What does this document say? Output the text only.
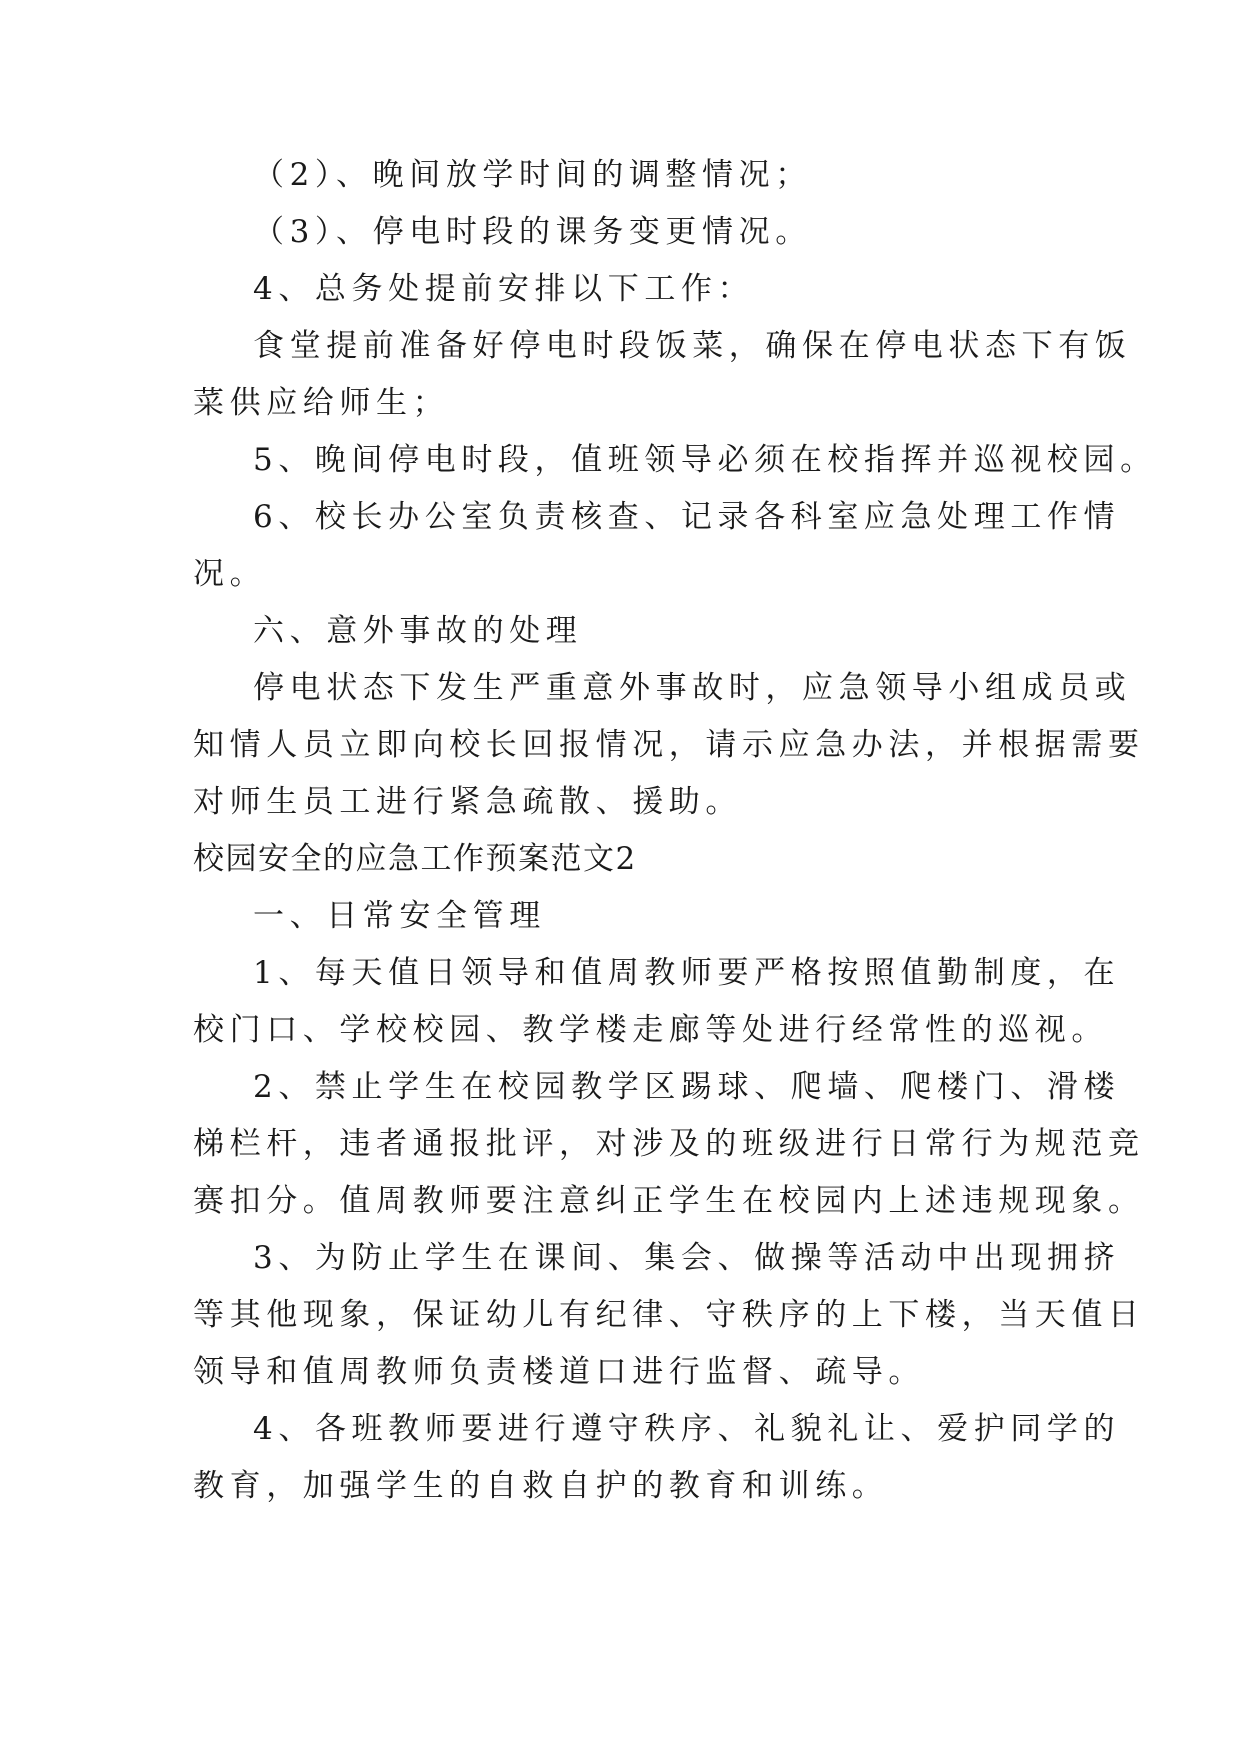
（2）、晚间放学时间的调整情况；

（3）、停电时段的课务变更情况。

4、总务处提前安排以下工作：

食堂提前准备好停电时段饭菜，确保在停电状态下有饭

菜供应给师生；

5、晚间停电时段，值班领导必须在校指挥并巡视校园。

6、校长办公室负责核查、记录各科室应急处理工作情

况。

六、意外事故的处理

停电状态下发生严重意外事故时，应急领导小组成员或

知情人员立即向校长回报情况，请示应急办法，并根据需要

对师生员工进行紧急疏散、援助。

校园安全的应急工作预案范文2

一、日常安全管理

1、每天值日领导和值周教师要严格按照值勤制度，在

校门口、学校校园、教学楼走廊等处进行经常性的巡视。

2、禁止学生在校园教学区踢球、爬墙、爬楼门、滑楼

梯栏杆，违者通报批评，对涉及的班级进行日常行为规范竞

赛扣分。值周教师要注意纠正学生在校园内上述违规现象。

3、为防止学生在课间、集会、做操等活动中出现拥挤

等其他现象，保证幼儿有纪律、守秩序的上下楼，当天值日

领导和值周教师负责楼道口进行监督、疏导。

4、各班教师要进行遵守秩序、礼貌礼让、爱护同学的

教育，加强学生的自救自护的教育和训练。
